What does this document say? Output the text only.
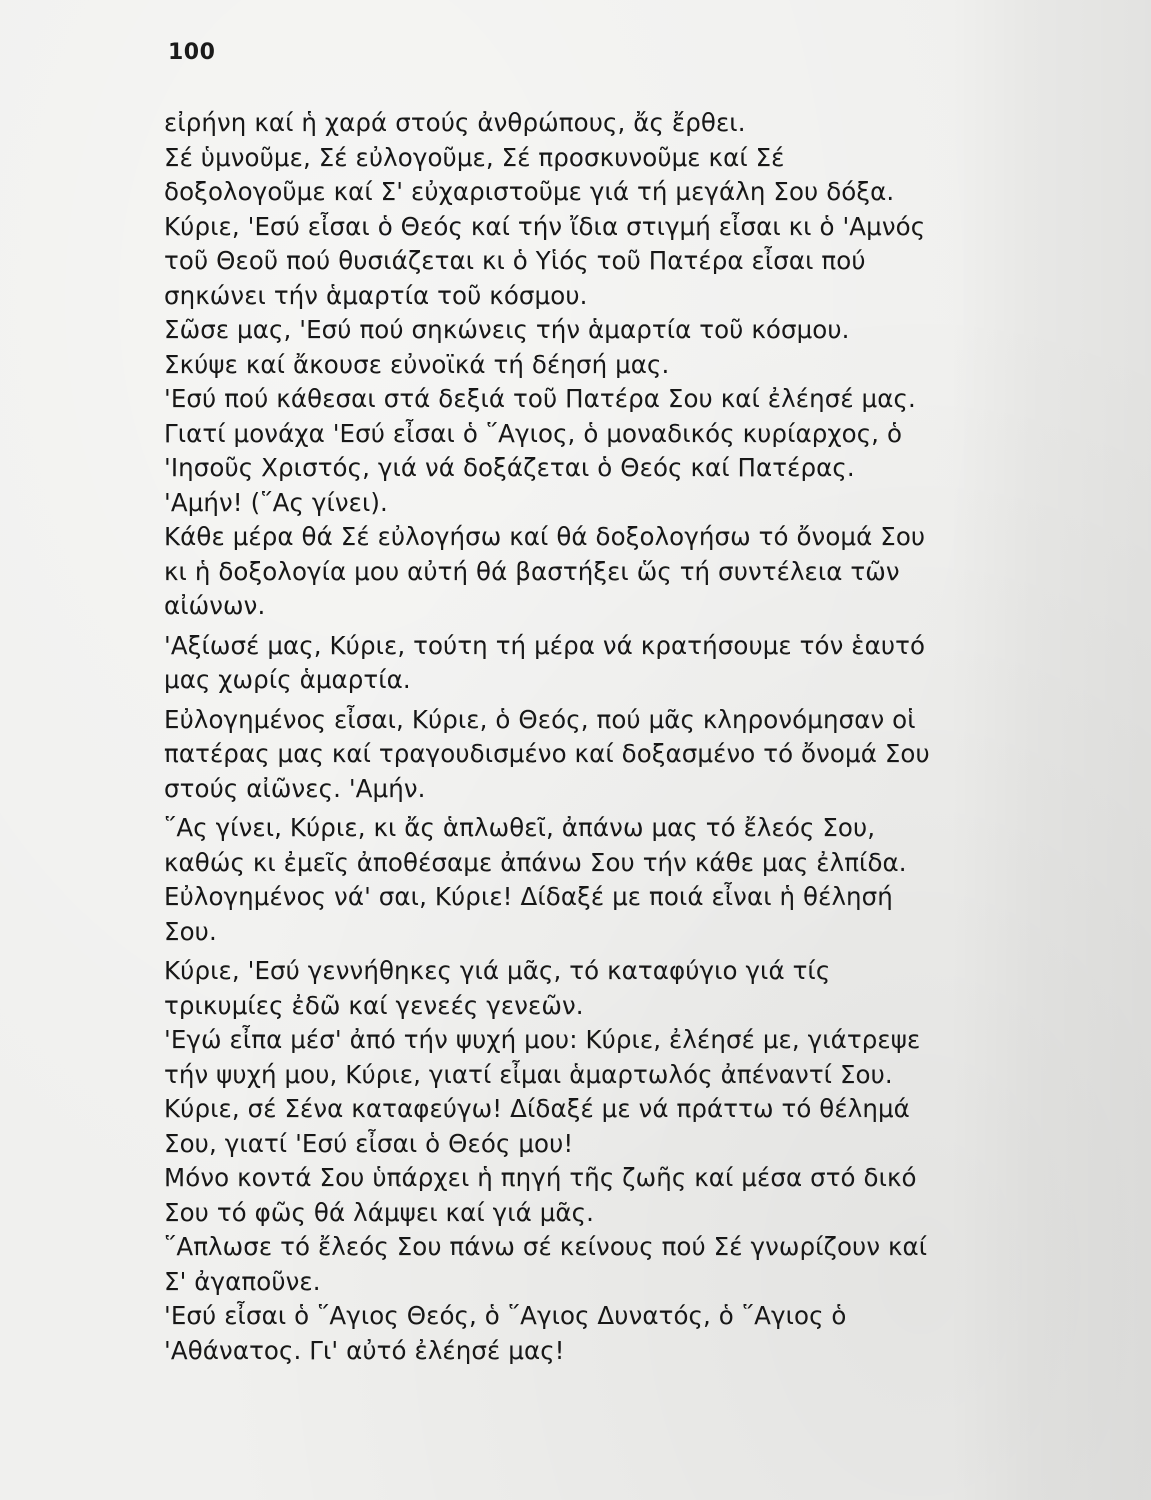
100
εἰρήνη καί ἡ χαρά στούς ἀνθρώπους, ἄς ἔρθει.
Σέ ὑμνοῦμε, Σέ εὐλογοῦμε, Σέ προσκυνοῦμε καί Σέ
δοξολογοῦμε καί Σ' εὐχαριστοῦμε γιά τή μεγάλη Σου δόξα.
Κύριε, 'Εσύ εἶσαι ὁ Θεός καί τήν ἴδια στιγμή εἶσαι κι ὁ 'Αμνός
τοῦ Θεοῦ πού θυσιάζεται κι ὁ Υἱός τοῦ Πατέρα εἶσαι πού
σηκώνει τήν ἁμαρτία τοῦ κόσμου.
Σῶσε μας, 'Εσύ πού σηκώνεις τήν ἁμαρτία τοῦ κόσμου.
Σκύψε καί ἄκουσε εὐνοϊκά τή δέησή μας.
'Εσύ πού κάθεσαι στά δεξιά τοῦ Πατέρα Σου καί ἐλέησέ μας.
Γιατί μονάχα 'Εσύ εἶσαι ὁ ῞Αγιος, ὁ μοναδικός κυρίαρχος, ὁ
'Ιησοῦς Χριστός, γιά νά δοξάζεται ὁ Θεός καί Πατέρας.
'Αμήν! (῞Ας γίνει).
Κάθε μέρα θά Σέ εὐλογήσω καί θά δοξολογήσω τό ὄνομά Σου
κι ἡ δοξολογία μου αὐτή θά βαστήξει ὥς τή συντέλεια τῶν
αἰώνων.
'Αξίωσέ μας, Κύριε, τούτη τή μέρα νά κρατήσουμε τόν ἑαυτό
μας χωρίς ἁμαρτία.
Εὐλογημένος εἶσαι, Κύριε, ὁ Θεός, πού μᾶς κληρονόμησαν οἱ
πατέρας μας καί τραγουδισμένο καί δοξασμένο τό ὄνομά Σου
στούς αἰῶνες. 'Αμήν.
῞Ας γίνει, Κύριε, κι ἄς ἁπλωθεῖ, ἀπάνω μας τό ἔλεός Σου,
καθώς κι ἐμεῖς ἀποθέσαμε ἀπάνω Σου τήν κάθε μας ἐλπίδα.
Εὐλογημένος νά' σαι, Κύριε! Δίδαξέ με ποιά εἶναι ἡ θέλησή
Σου.
Κύριε, 'Εσύ γεννήθηκες γιά μᾶς, τό καταφύγιο γιά τίς
τρικυμίες ἐδῶ καί γενεές γενεῶν.
'Εγώ εἶπα μέσ' ἀπό τήν ψυχή μου: Κύριε, ἐλέησέ με, γιάτρεψε
τήν ψυχή μου, Κύριε, γιατί εἶμαι ἁμαρτωλός ἀπέναντί Σου.
Κύριε, σέ Σένα καταφεύγω! Δίδαξέ με νά πράττω τό θέλημά
Σου, γιατί 'Εσύ εἶσαι ὁ Θεός μου!
Μόνο κοντά Σου ὑπάρχει ἡ πηγή τῆς ζωῆς καί μέσα στό δικό
Σου τό φῶς θά λάμψει καί γιά μᾶς.
῞Απλωσε τό ἔλεός Σου πάνω σέ κείνους πού Σέ γνωρίζουν καί
Σ' ἀγαποῦνε.
'Εσύ εἶσαι ὁ ῞Αγιος Θεός, ὁ ῞Αγιος Δυνατός, ὁ ῞Αγιος ὁ
'Αθάνατος. Γι' αὐτό ἐλέησέ μας!
